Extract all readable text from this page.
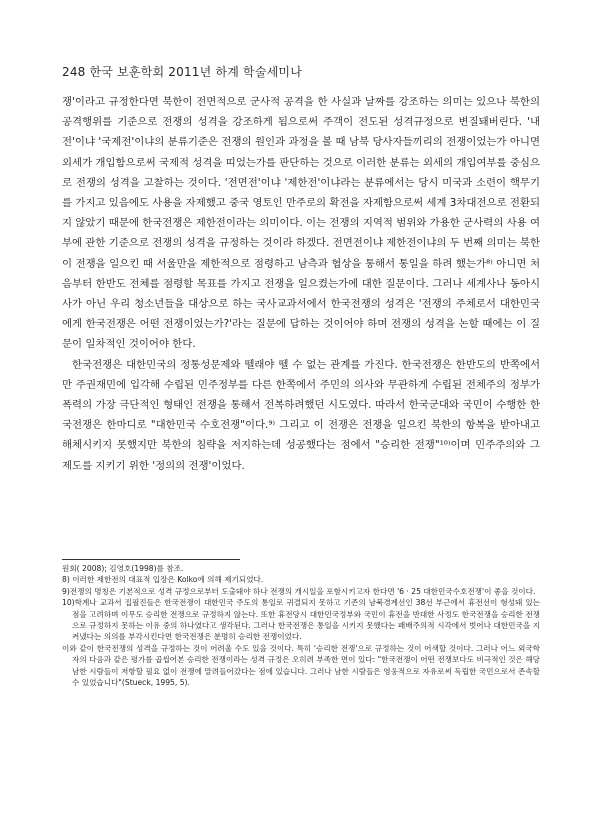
248 한국 보훈학회 2011년 하계 학술세미나

쟁'이라고 규정한다면 북한이 전면적으로 군사적 공격을 한 사실과 날짜를 강조하는 의미는 있으나 북한의 공격행위를 기준으로 전쟁의 성격을 강조하게 됨으로써 주객이 전도된 성격규정으로 변질돼버린다. '내전'이냐 '국제전'이냐의 분류기준은 전쟁의 원인과 과정을 볼 때 남북 당사자들끼리의 전쟁이었는가 아니면 외세가 개입함으로써 국제적 성격을 띠었는가를 판단하는 것으로 이러한 분류는 외세의 개입여부를 중심으로 전쟁의 성격을 고찰하는 것이다. '전면전'이냐 '제한전'이냐라는 분류에서는 당시 미국과 소련이 핵무기를 가지고 있음에도 사용을 자제했고 중국 영토인 만주로의 확전을 자제함으로써 세계 3차대전으로 전환되지 않았기 때문에 한국전쟁은 제한전이라는 의미이다. 이는 전쟁의 지역적 범위와 가용한 군사력의 사용 여부에 관한 기준으로 전쟁의 성격을 규정하는 것이라 하겠다. 전면전이냐 제한전이냐의 두 번째 의미는 북한이 전쟁을 일으킨 때 서울만을 제한적으로 점령하고 남측과 협상을 통해서 통일을 하려 했는가⁸⁾ 아니면 처음부터 한반도 전체를 점령할 목표를 가지고 전쟁을 일으켰는가에 대한 질문이다. 그러나 세계사나 동아시사가 아닌 우리 청소년들을 대상으로 하는 국사교과서에서 한국전쟁의 성격은 '전쟁의 주체로서 대한민국에게 한국전쟁은 어떤 전쟁이었는가?'라는 질문에 답하는 것이어야 하며 전쟁의 성격을 논할 때에는 이 질문이 일차적인 것이어야 한다.

한국전쟁은 대한민국의 정통성문제와 뗄래야 뗄 수 없는 관계를 가진다. 한국전쟁은 한반도의 반쪽에서만 주권재민에 입각해 수립된 민주정부를 다른 한쪽에서 주민의 의사와 무관하게 수립된 전체주의 정부가 폭력의 가장 극단적인 형태인 전쟁을 통해서 전복하려했던 시도였다. 따라서 한국군대와 국민이 수행한 한국전쟁은 한마디로 "대한민국 수호전쟁"이다.⁹⁾ 그리고 이 전쟁은 전쟁을 일으킨 북한의 항복을 받아내고 해체시키지 못했지만 북한의 침략을 저지하는데 성공했다는 점에서 "승리한 전쟁"¹⁰⁾이며 민주주의와 그 제도를 지키기 위한 '정의의 전쟁'이었다.

원회( 2008); 김영호(1998)를 참조.

8) 이러한 제한전의 대표적 입장은 Kolko에 의해 제기되었다.

9)전쟁의 명칭은 기본적으로 성격 규정으로부터 도출돼야 하나 전쟁의 개시일을 포함시키고자 한다면 '6 · 25 대한민국수호전쟁'이 좋을 것이다.

10)학계나 교과서 집필진들은 한국전쟁이 대한민국 주도의 통일로 귀결되지 못하고 기존의 남북경계선인 38선 부근에서 휴전선이 형성돼 있는 점을 고려하며 이무도 승리한 전쟁으로 규정하지 않는다. 또한 휴전당시 대한민국정부와 국민이 휴전을 반대한 사정도 한국전쟁을 승리한 전쟁으로 규정하지 못하는 이유 중의 하나였다고 생각된다. 그러나 한국전쟁은 통일을 시키지 못했다는 패배주의적 시각에서 벗어나 대한민국을 지켜냈다는 의의를 부각시킨다면 한국전쟁은 분명히 승리한 전쟁이었다.

이와 같이 한국전쟁의 성격을 규정하는 것이 어려울 수도 있을 것이다. 특히 '승리한 전쟁'으로 규정하는 것이 어색할 것이다. 그러나 어느 외국학자의 다음과 같은 평가를 곱씹어본 승리한 전쟁이라는 성격 규정은 오히려 부족한 면이 있다: "한국전쟁이 어떤 전쟁보다도 비극적인 것은 해당 남한 시람들이 저항할 필요 없이 전쟁에 말려들어갔다는 점에 있습니다. 그러나 남한 시람들은 영웅적으로 자유로써 독립한 국민으로서 존속할 수 있었습니다"(Stueck, 1995, 5).
